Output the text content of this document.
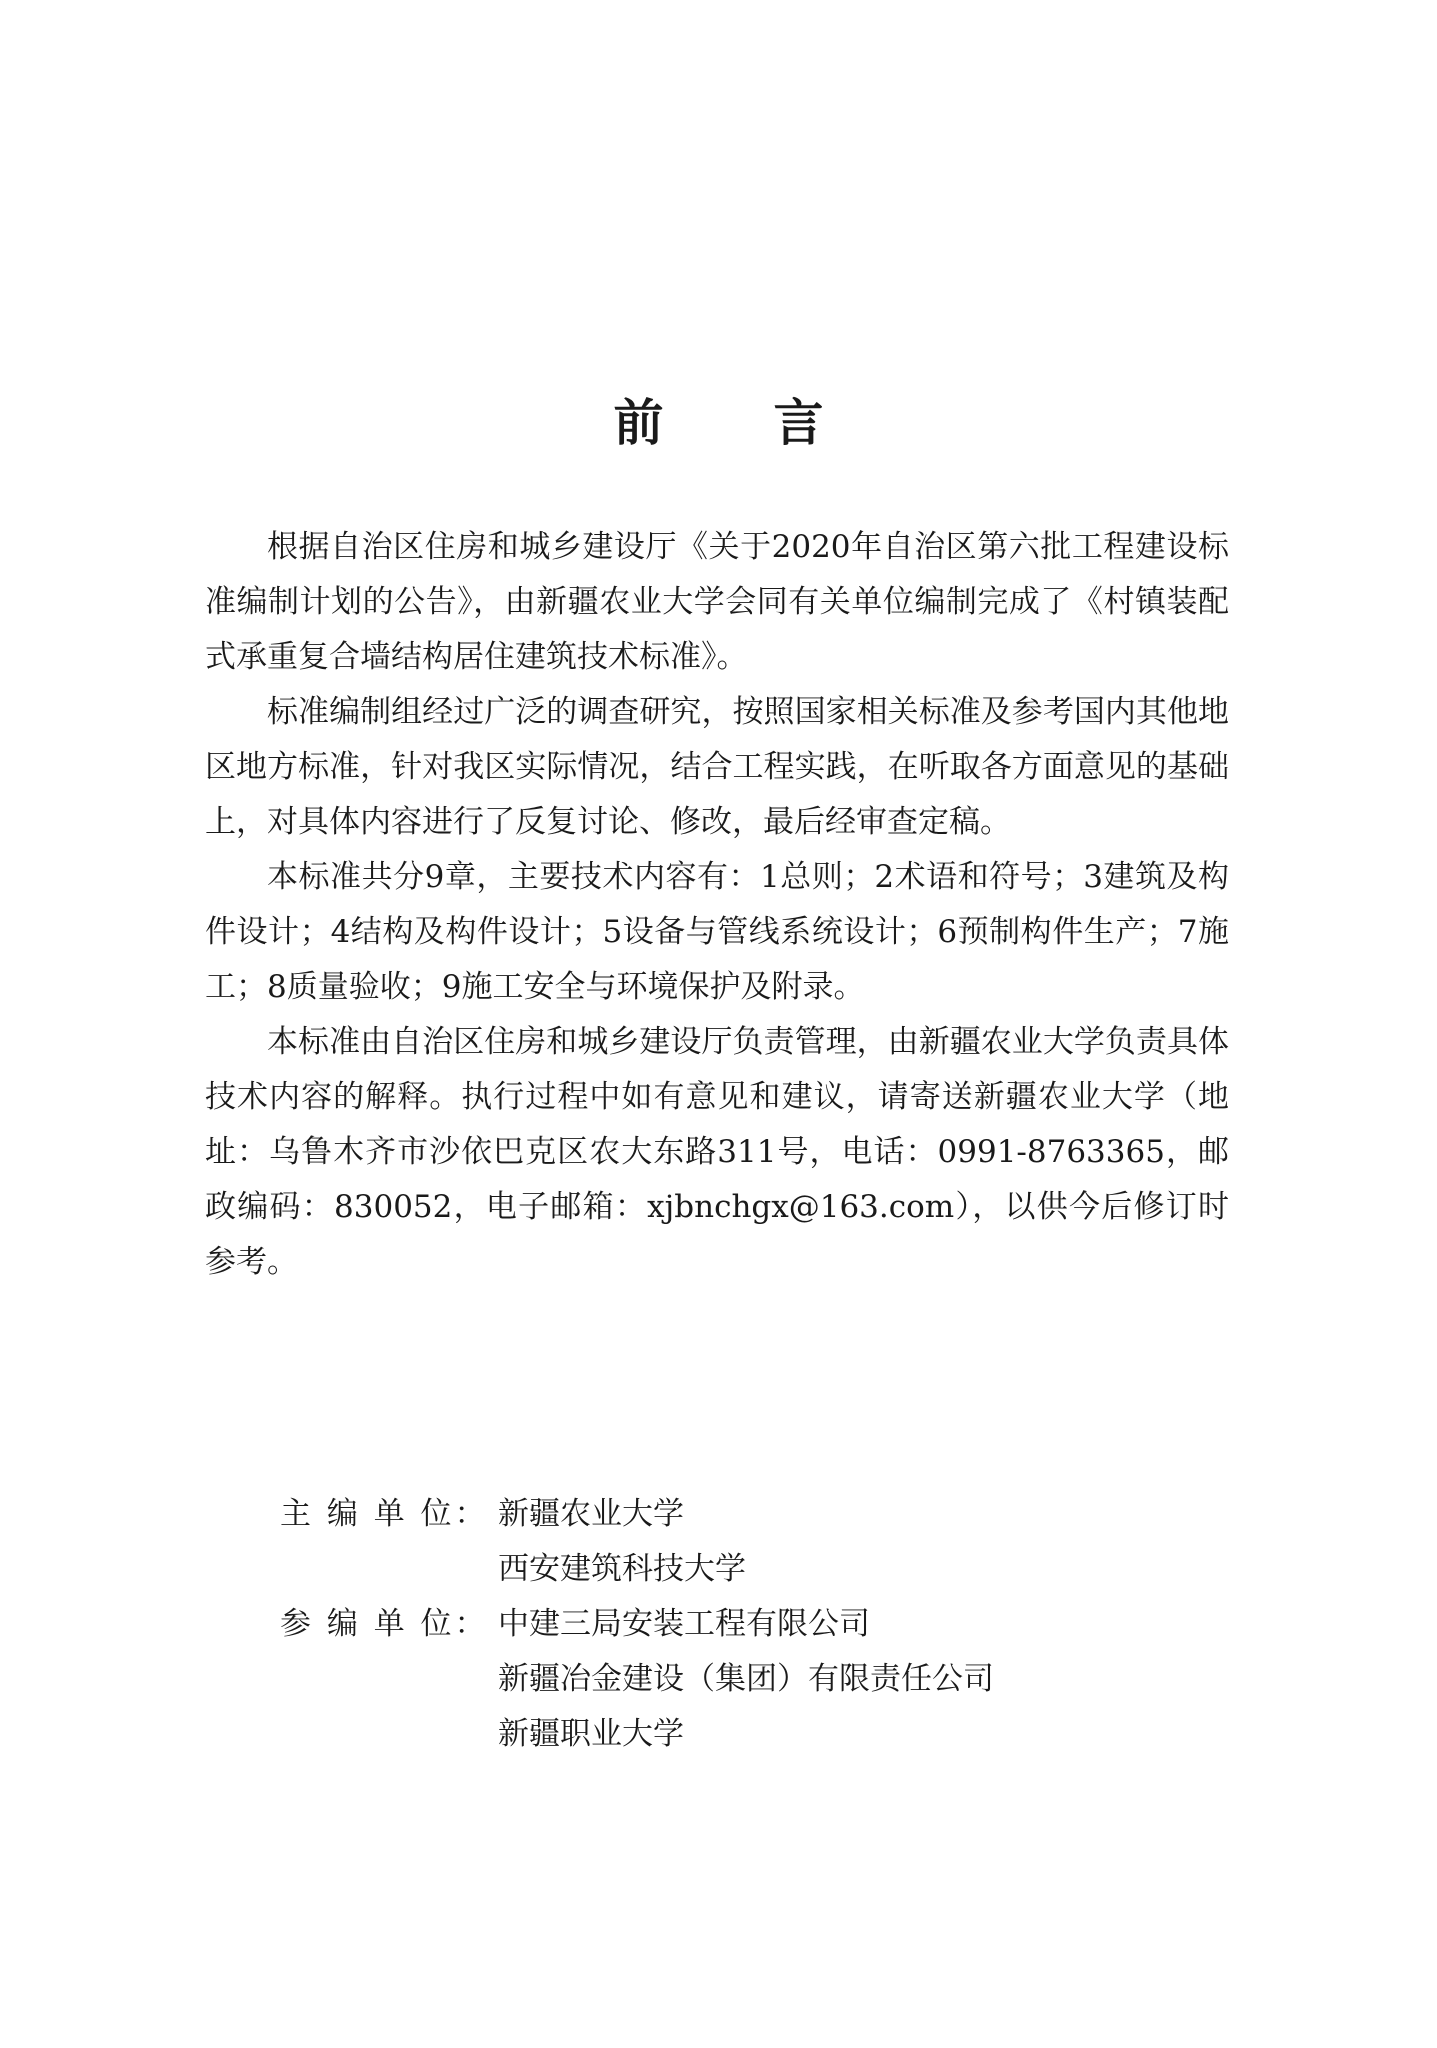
前 言

根据自治区住房和城乡建设厅《关于2020年自治区第六批工程建设标准编制计划的公告》，由新疆农业大学会同有关单位编制完成了《村镇装配式承重复合墙结构居住建筑技术标准》。

标准编制组经过广泛的调查研究，按照国家相关标准及参考国内其他地区地方标准，针对我区实际情况，结合工程实践，在听取各方面意见的基础上，对具体内容进行了反复讨论、修改，最后经审查定稿。

本标准共分9章，主要技术内容有：1总则；2术语和符号；3建筑及构件设计；4结构及构件设计；5设备与管线系统设计；6预制构件生产；7施工；8质量验收；9施工安全与环境保护及附录。

本标准由自治区住房和城乡建设厅负责管理，由新疆农业大学负责具体技术内容的解释。执行过程中如有意见和建议，请寄送新疆农业大学（地址：乌鲁木齐市沙依巴克区农大东路311号，电话：0991-8763365，邮政编码：830052，电子邮箱：xjbnchgx@163.com），以供今后修订时参考。

主 编 单 位： 新疆农业大学
西安建筑科技大学
参 编 单 位： 中建三局安装工程有限公司
新疆冶金建设（集团）有限责任公司
新疆职业大学
